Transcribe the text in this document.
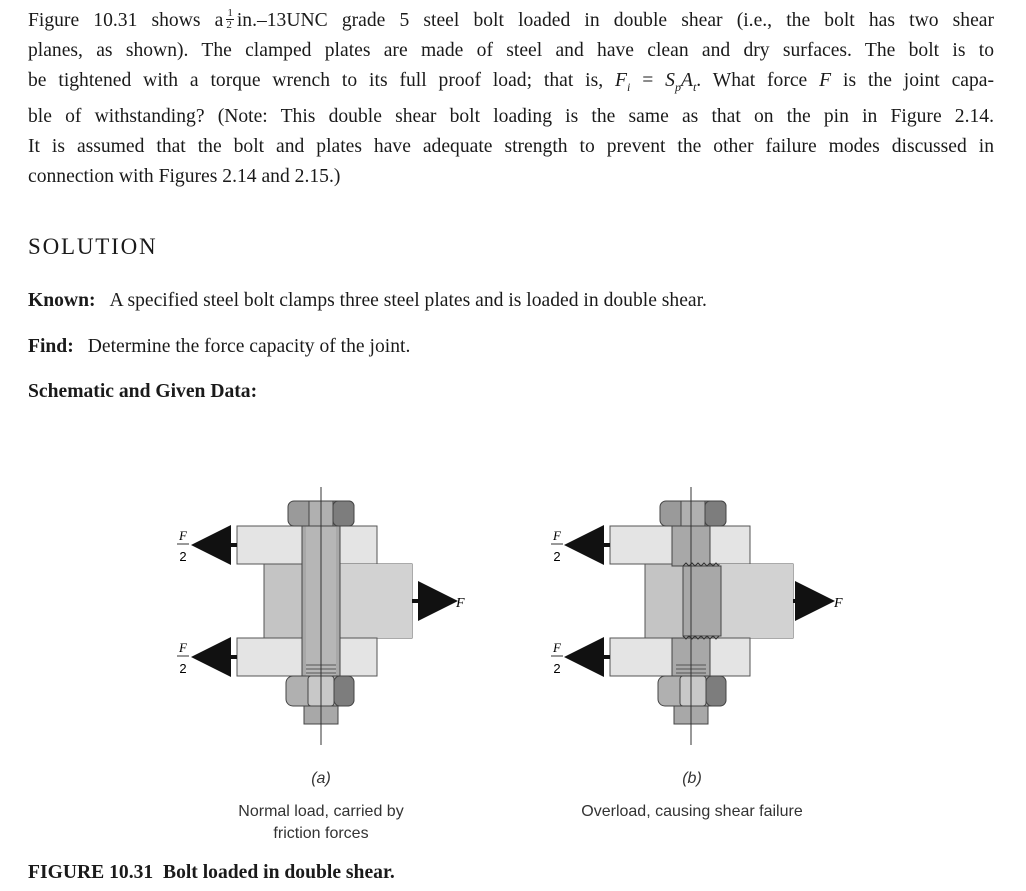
Figure 10.31 shows a $\frac{1}{2} in.-13UNC$ grade 5 steel bolt loaded in double shear (i.e., the bolt has two shear

planes, as shown). The clamped plates are made of steel and have clean and dry surfaces. The bolt is to

be tightened with a torque wrench to its full proof load; that is, $F_i = S_pA_t$. What force F is the joint capa-

ble of withstanding? (Note: This double shear bolt loading is the same as that on the pin in Figure 2.14.

It is assumed that the bolt and plates have adequate strength to prevent the other failure modes discussed in

connection with Figures 2.14 and 2.15.)

SOLUTION
Known: A specified steel bolt clamps three steel plates and is loaded in double shear.
Find: Determine the force capacity of the joint.
Schematic and Given Data:
F
2
F
2
F
(a)
Normal load, carried by
friction forces
F
2
F
2
F
(b)
Overload, causing shear failure
FIGURE 10.31 Bolt loaded in double shear.
